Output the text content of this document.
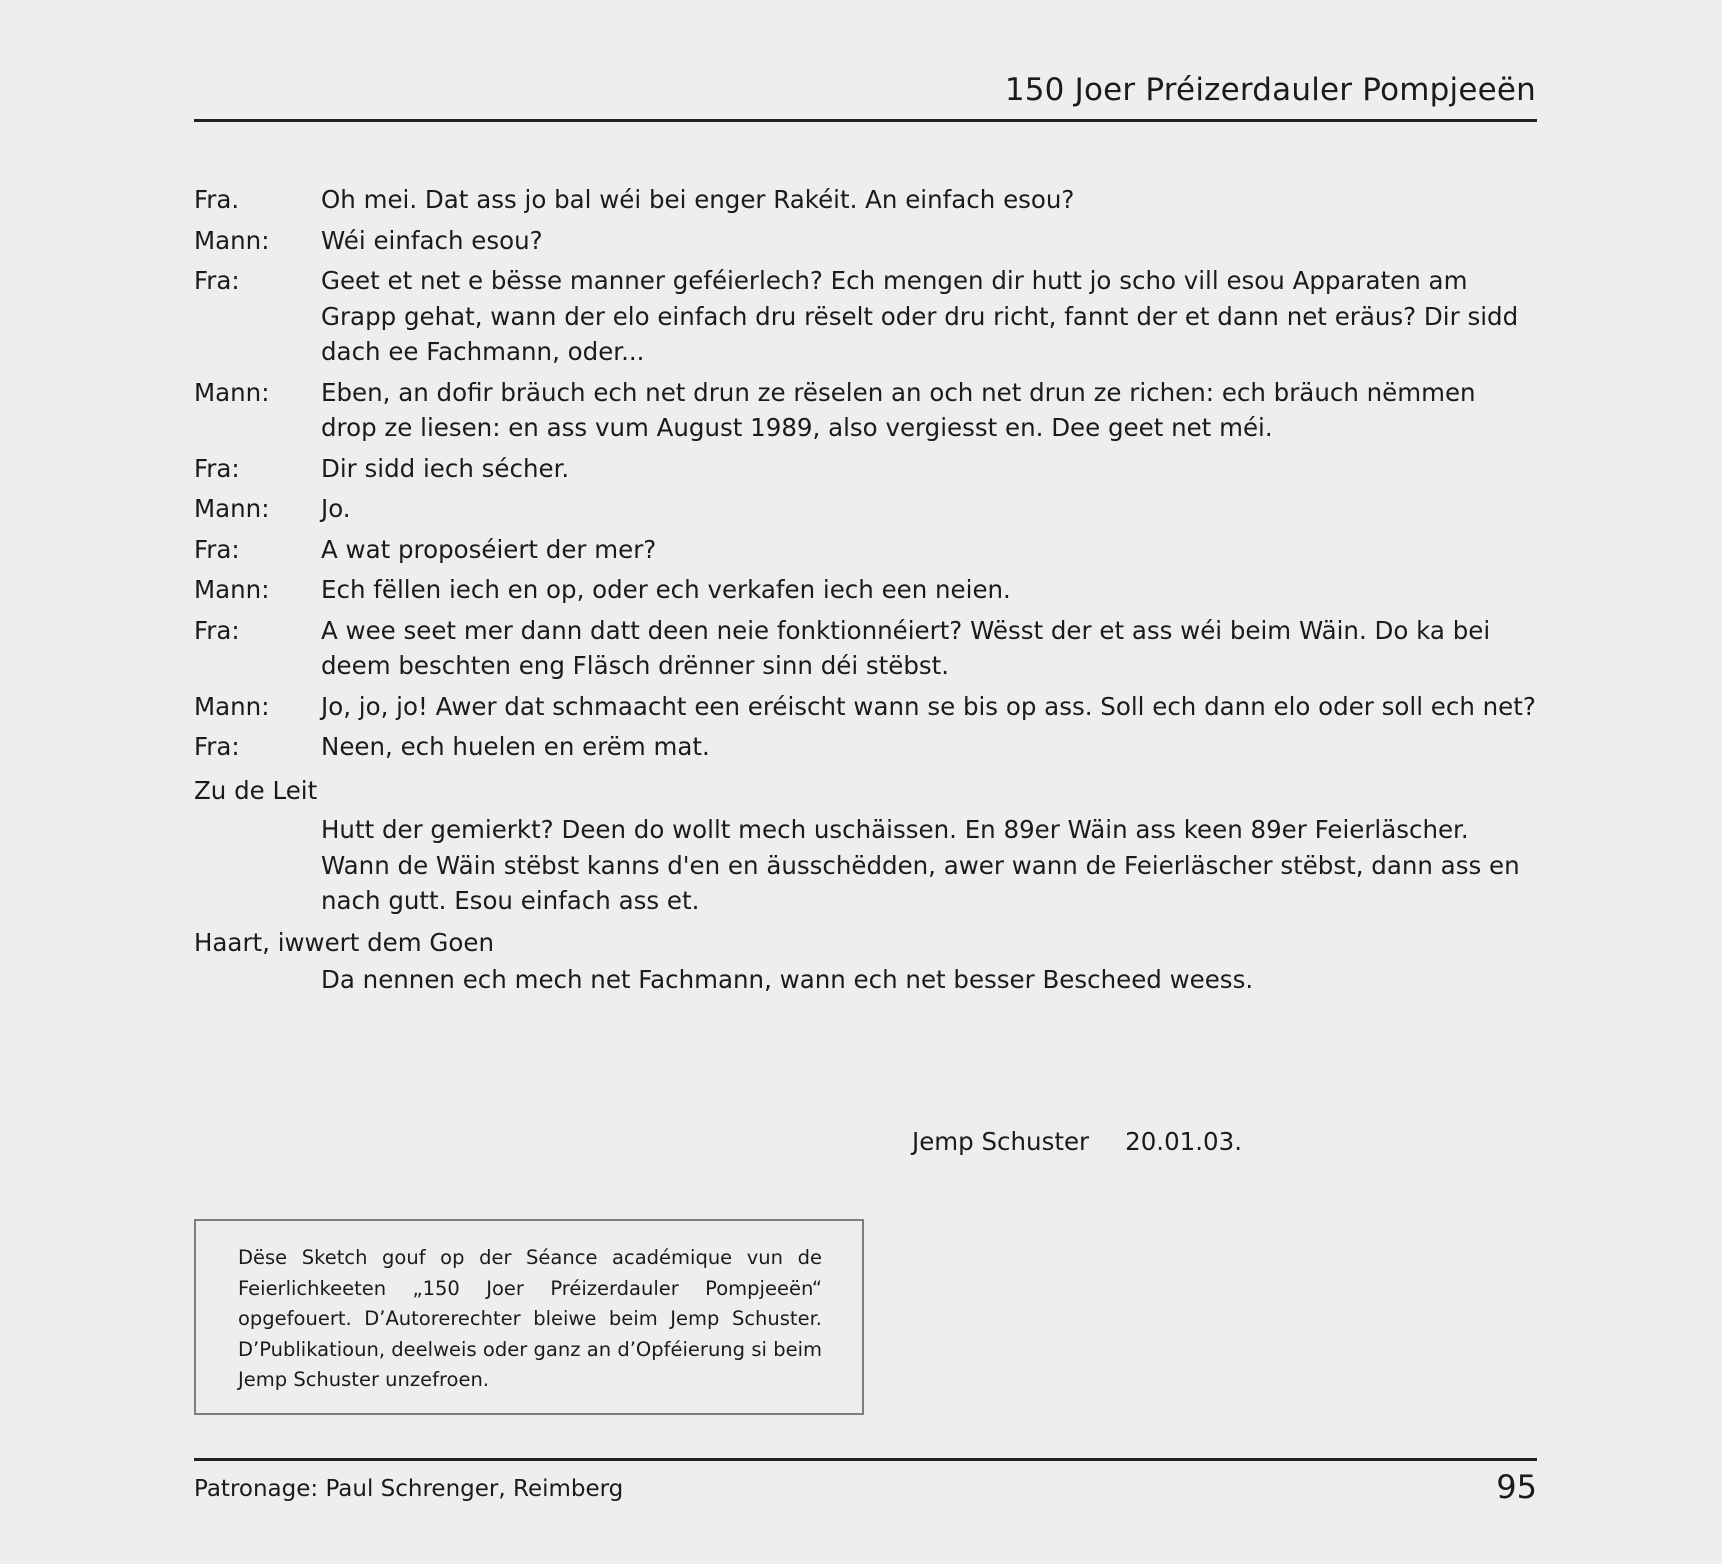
150 Joer Préizerdauler Pompjeeën
Fra.	Oh mei. Dat ass jo bal wéi bei enger Rakéit. An einfach esou?
Mann: Wéi einfach esou?
Fra:	Geet et net e bësse manner geféierlech? Ech mengen dir hutt jo scho vill esou Apparaten am Grapp gehat, wann der elo einfach dru rëselt oder dru richt, fannt der et dann net eräus? Dir sidd dach ee Fachmann, oder...
Mann: Eben, an dofir bräuch ech net drun ze rëselen an och net drun ze richen: ech bräuch nëmmen drop ze liesen: en ass vum August 1989, also vergiesst en. Dee geet net méi.
Fra:	Dir sidd iech sécher.
Mann: Jo.
Fra:	A wat proposéiert der mer?
Mann: Ech fëllen iech en op, oder ech verkafen iech een neien.
Fra:	A wee seet mer dann datt deen neie fonktionnéiert? Wësst der et ass wéi beim Wäin. Do ka bei deem beschten eng Fläsch drënner sinn déi stëbst.
Mann: Jo, jo, jo! Awer dat schmaacht een eréischt wann se bis op ass. Soll ech dann elo oder soll ech net?
Fra:	Neen, ech huelen en erëm mat.
Zu de Leit
Hutt der gemierkt? Deen do wollt mech uschäissen. En 89er Wäin ass keen 89er Feierläscher. Wann de Wäin stëbst kanns d'en en äusschëdden, awer wann de Feierläscher stëbst, dann ass en nach gutt. Esou einfach ass et.
Haart, iwwert dem Goen
Da nennen ech mech net Fachmann, wann ech net besser Bescheed weess.
Jemp Schuster 20.01.03.

Dëse Sketch gouf op der Séance académique vun de Feierlichkeeten „150 Joer Préizerdauler Pompjeeën“ opgefouert. D’Autorerechter bleiwe beim Jemp Schuster. D’Publikatioun, deelweis oder ganz an d’Opféierung si beim Jemp Schuster unzefroen.

Patronage: Paul Schrenger, Reimberg	95
